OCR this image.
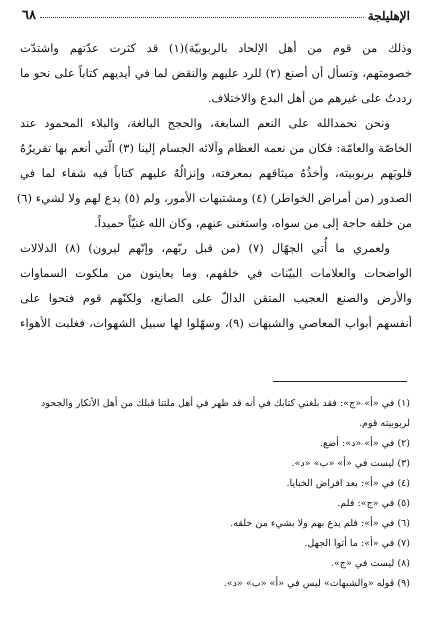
٦٨	الإهليلجة
وذلك من قوم من أهل الإلحاد بالربوبيّة)(١) قد كثرت عدّتهم واشتدّت
خصومتهم، وتسأل أن أصنع (٢) للرد عليهم والنقض لما في أيديهم كتاباً على نحو ما
رددتُ على غيرهم من أهل البدع والاختلاف.
ونحن نحمدالله على النعم السابغة، والحجج البالغة، والبلاء المحمود عند
الخاصّة والعامّة: فكان من نعمه العظام وآلائه الجسام إلينا (٣) الّتي أنعم بها تقريرُهُ
قلوبَهم بربوبيته، وأخذُهُ ميثاقهم بمعرفته، وإنزالُهُ عليهم كتاباً فيه شفاء لما في
الصدور (من أمراض الخواطر) (٤) ومشتبهات الأمور، ولم (٥) يدع لهم ولا لشيء (٦)
من خلقه حاجة إلى من سواه، واستغنى عنهم، وكان الله غنيّاً حميداً.
ولعمري ما أُتي الجهّال (٧) (من قبل ربّهم، وإنّهم ليرون) (٨) الدلالات
الواضحات والعلامات البيّنات في خلقهم، وما يعاينون من ملكوت السماوات
والأرض والصنع العجيب المتقن الدالّ على الصانع، ولكنّهم قوم فتحوا على
أنفسهم أبواب المعاصي والشبهات (٩)، وسهّلوا لها سبيل الشهوات، فغلبت الأهواء
(١) في «أ» «ج»: فقد بلغني كتابك في أنه قد ظهر في أهل ملتنا قبلك من أهل الأنكار والجحود
لربوبيته قوم.
(٢) في «أ» «د»: أضع.
(٣) ليست في «أ» «ب» «د».
(٤) في «أ»: بعد افراض الخبايا.
(٥) في «ج»: فلم.
(٦) في «أ»: فلم يدع بهم ولا بشيء من خلقه.
(٧) في «أ»: ما أتوا الجهل.
(٨) ليست في «ج».
(٩) قوله «والشبهات» ليس في «أ» «ب» «د».
